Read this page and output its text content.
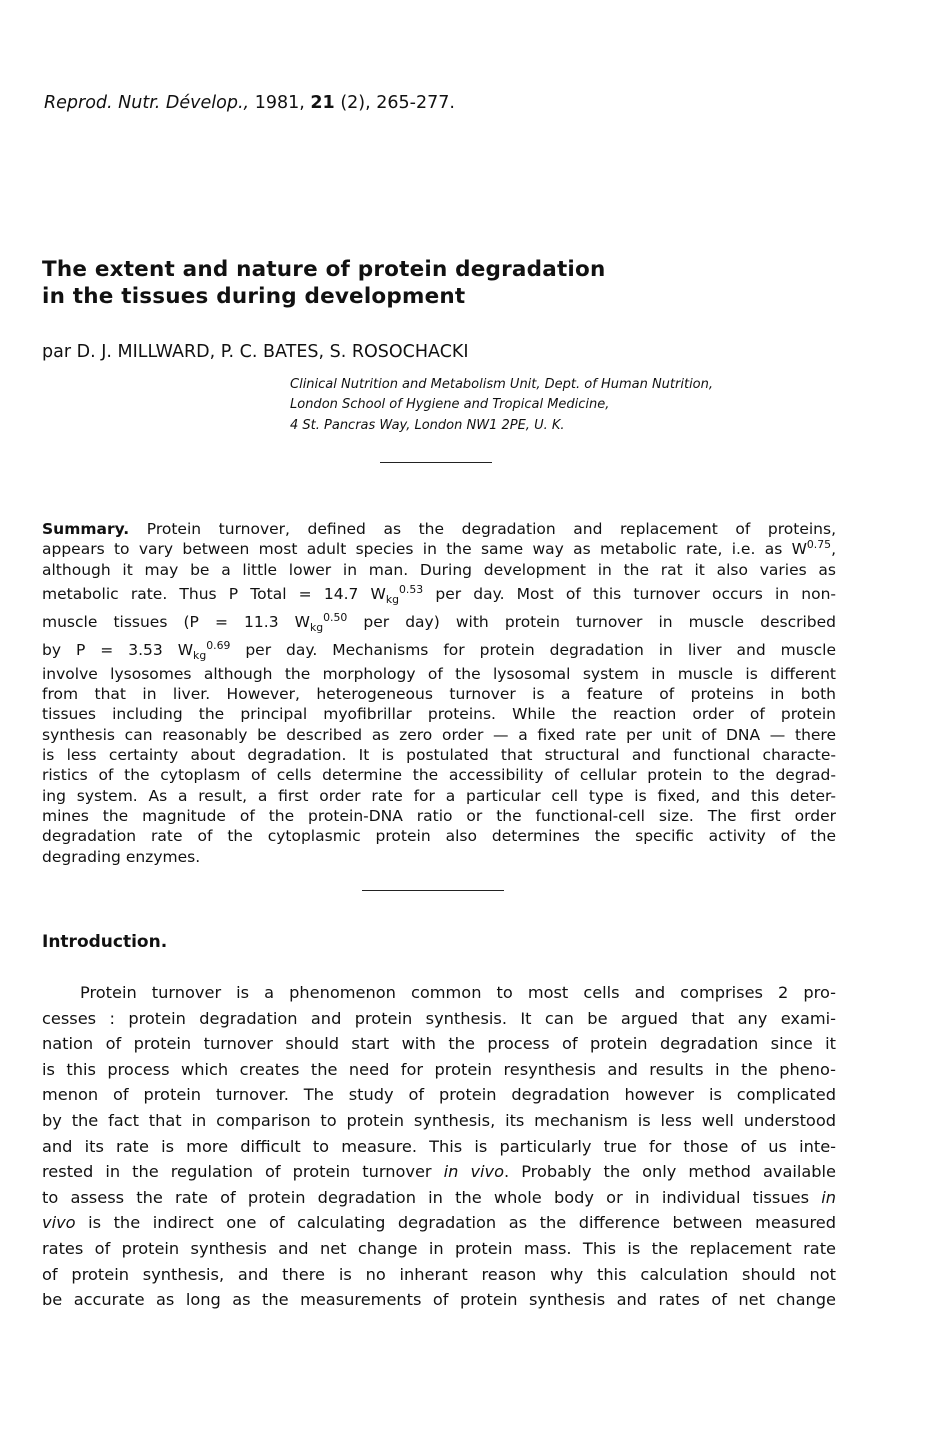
Reprod. Nutr. Dévelop., 1981, 21 (2), 265-277.
The extent and nature of protein degradation
in the tissues during development
par D. J. MILLWARD, P. C. BATES, S. ROSOCHACKI
Clinical Nutrition and Metabolism Unit, Dept. of Human Nutrition,
London School of Hygiene and Tropical Medicine,
4 St. Pancras Way, London NW1 2PE, U. K.
Summary. Protein turnover, defined as the degradation and replacement of proteins,
appears to vary between most adult species in the same way as metabolic rate, i.e. as $W^{0.75}$,
although it may be a little lower in man. During development in the rat it also varies as
metabolic rate. Thus P Total = 14.7 $W_{kg}^{0.53}$ per day. Most of this turnover occurs in non-
muscle tissues (P = 11.3 $W_{kg}^{0.50}$ per day) with protein turnover in muscle described
by P = 3.53 $W_{kg}^{0.69}$ per day. Mechanisms for protein degradation in liver and muscle
involve lysosomes although the morphology of the lysosomal system in muscle is different
from that in liver. However, heterogeneous turnover is a feature of proteins in both
tissues including the principal myofibrillar proteins. While the reaction order of protein
synthesis can reasonably be described as zero order — a fixed rate per unit of DNA — there
is less certainty about degradation. It is postulated that structural and functional characte-
ristics of the cytoplasm of cells determine the accessibility of cellular protein to the degrad-
ing system. As a result, a first order rate for a particular cell type is fixed, and this deter-
mines the magnitude of the protein-DNA ratio or the functional-cell size. The first order
degradation rate of the cytoplasmic protein also determines the specific activity of the
degrading enzymes.
Introduction.
Protein turnover is a phenomenon common to most cells and comprises 2 pro-
cesses : protein degradation and protein synthesis. It can be argued that any exami-
nation of protein turnover should start with the process of protein degradation since it
is this process which creates the need for protein resynthesis and results in the pheno-
menon of protein turnover. The study of protein degradation however is complicated
by the fact that in comparison to protein synthesis, its mechanism is less well understood
and its rate is more difficult to measure. This is particularly true for those of us inte-
rested in the regulation of protein turnover in vivo. Probably the only method available
to assess the rate of protein degradation in the whole body or in individual tissues in
vivo is the indirect one of calculating degradation as the difference between measured
rates of protein synthesis and net change in protein mass. This is the replacement rate
of protein synthesis, and there is no inherant reason why this calculation should not
be accurate as long as the measurements of protein synthesis and rates of net change
